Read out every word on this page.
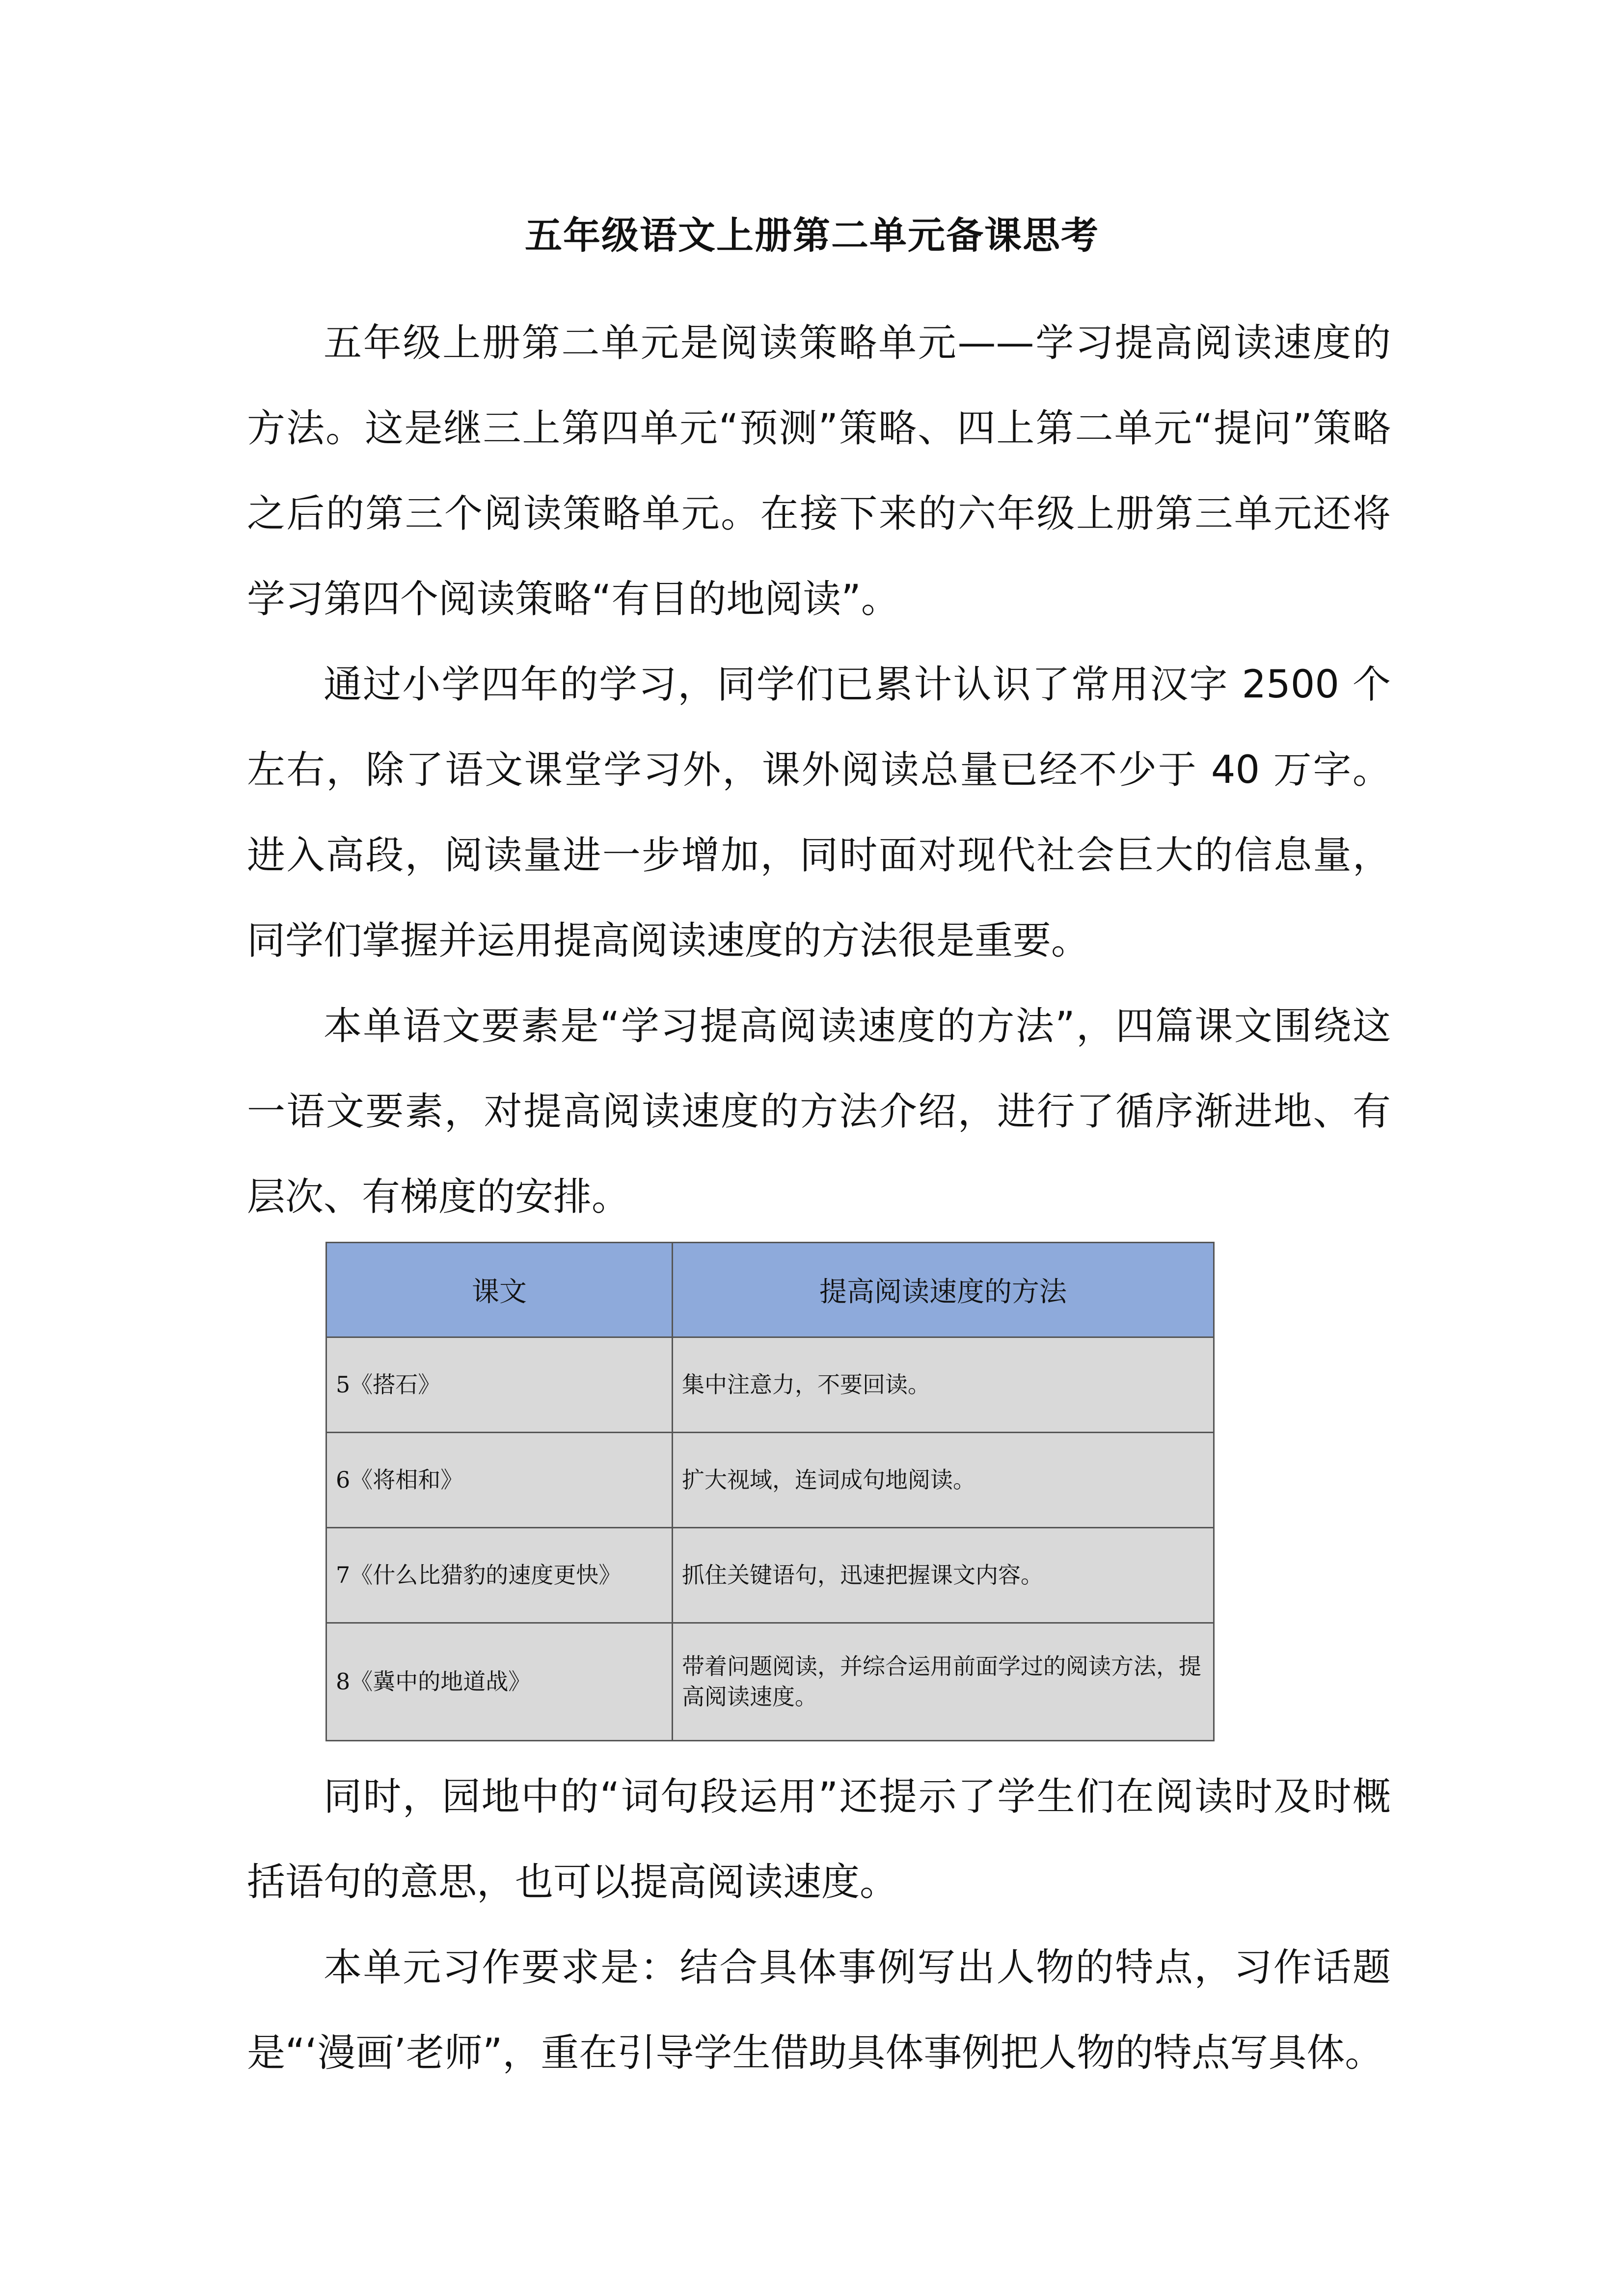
五年级语文上册第二单元备课思考

五年级上册第二单元是阅读策略单元——学习提高阅读速度的方法。这是继三上第四单元“预测”策略、四上第二单元“提问”策略之后的第三个阅读策略单元。在接下来的六年级上册第三单元还将学习第四个阅读策略“有目的地阅读”。

通过小学四年的学习，同学们已累计认识了常用汉字 2500 个左右，除了语文课堂学习外，课外阅读总量已经不少于 40 万字。进入高段，阅读量进一步增加，同时面对现代社会巨大的信息量，同学们掌握并运用提高阅读速度的方法很是重要。

本单语文要素是“学习提高阅读速度的方法”，四篇课文围绕这一语文要素，对提高阅读速度的方法介绍，进行了循序渐进地、有层次、有梯度的安排。

课文	提高阅读速度的方法
5《搭石》	集中注意力，不要回读。
6《将相和》	扩大视域，连词成句地阅读。
7《什么比猎豹的速度更快》	抓住关键语句，迅速把握课文内容。
8《冀中的地道战》	带着问题阅读，并综合运用前面学过的阅读方法，提高阅读速度。

同时，园地中的“词句段运用”还提示了学生们在阅读时及时概括语句的意思，也可以提高阅读速度。

本单元习作要求是：结合具体事例写出人物的特点，习作话题是“‘漫画’老师”，重在引导学生借助具体事例把人物的特点写具体。
